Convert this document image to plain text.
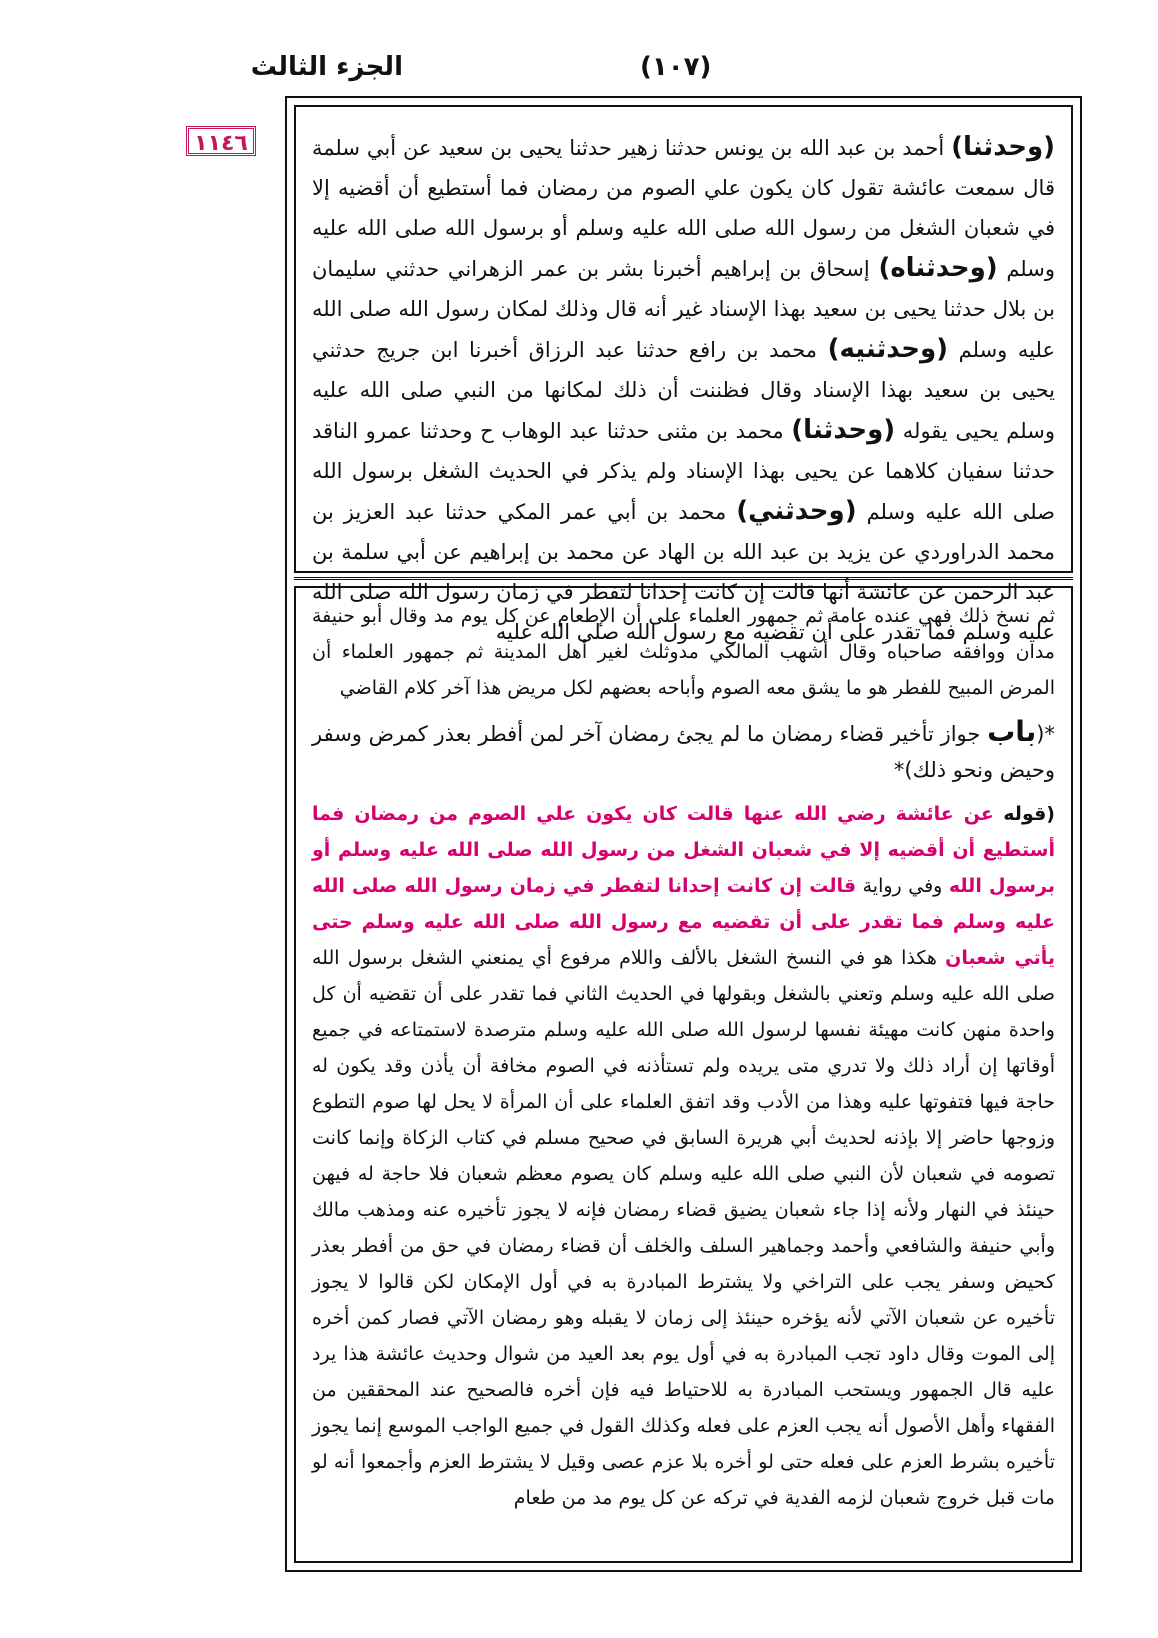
الجزء الثالث	(١٠٧)
١١٤٦	(وحدثنا) أحمد بن عبد الله بن يونس حدثنا زهير حدثنا يحيى بن سعيد عن أبي سلمة قال سمعت عائشة تقول كان يكون علي الصوم من رمضان فما أستطيع أن أقضيه إلا في شعبان الشغل من رسول الله صلى الله عليه وسلم أو برسول الله صلى الله عليه وسلم (وحدثناه) إسحاق بن إبراهيم أخبرنا بشر بن عمر الزهراني حدثني سليمان بن بلال حدثنا يحيى بن سعيد بهذا الإسناد غير أنه قال وذلك لمكان رسول الله صلى الله عليه وسلم (وحدثنيه) محمد بن رافع حدثنا عبد الرزاق أخبرنا ابن جريج حدثني يحيى بن سعيد بهذا الإسناد وقال فظننت أن ذلك لمكانها من النبي صلى الله عليه وسلم يحيى يقوله (وحدثنا) محمد بن مثنى حدثنا عبد الوهاب ح وحدثنا عمرو الناقد حدثنا سفيان كلاهما عن يحيى بهذا الإسناد ولم يذكر في الحديث الشغل برسول الله صلى الله عليه وسلم (وحدثني) محمد بن أبي عمر المكي حدثنا عبد العزيز بن محمد الدراوردي عن يزيد بن عبد الله بن الهاد عن محمد بن إبراهيم عن أبي سلمة بن عبد الرحمن عن عائشة أنها قالت إن كانت إحدانا لتفطر في زمان رسول الله صلى الله عليه وسلم فما تقدر على أن تقضيه مع رسول الله صلى الله عليه

ثم نسخ ذلك فهي عنده عامة ثم جمهور العلماء على أن الإطعام عن كل يوم مد وقال أبو حنيفة مدان ووافقه صاحباه وقال أشهب المالكي مدوثلث لغير أهل المدينة ثم جمهور العلماء أن المرض المبيح للفطر هو ما يشق معه الصوم وأباحه بعضهم لكل مريض هذا آخر كلام القاضي

*(باب جواز تأخير قضاء رمضان ما لم يجئ رمضان آخر لمن أفطر بعذر كمرض وسفر وحيض ونحو ذلك)*

(قوله عن عائشة رضي الله عنها قالت كان يكون علي الصوم من رمضان فما أستطيع أن أقضيه إلا في شعبان الشغل من رسول الله صلى الله عليه وسلم أو برسول الله وفي رواية قالت إن كانت إحدانا لتفطر في زمان رسول الله صلى الله عليه وسلم فما تقدر على أن تقضيه مع رسول الله صلى الله عليه وسلم حتى يأتي شعبان هكذا هو في النسخ الشغل بالألف واللام مرفوع أي يمنعني الشغل برسول الله صلى الله عليه وسلم وتعني بالشغل وبقولها في الحديث الثاني فما تقدر على أن تقضيه أن كل واحدة منهن كانت مهيئة نفسها لرسول الله صلى الله عليه وسلم مترصدة لاستمتاعه في جميع أوقاتها إن أراد ذلك ولا تدري متى يريده ولم تستأذنه في الصوم مخافة أن يأذن وقد يكون له حاجة فيها فتفوتها عليه وهذا من الأدب وقد اتفق العلماء على أن المرأة لا يحل لها صوم التطوع وزوجها حاضر إلا بإذنه لحديث أبي هريرة السابق في صحيح مسلم في كتاب الزكاة وإنما كانت تصومه في شعبان لأن النبي صلى الله عليه وسلم كان يصوم معظم شعبان فلا حاجة له فيهن حينئذ في النهار ولأنه إذا جاء شعبان يضيق قضاء رمضان فإنه لا يجوز تأخيره عنه ومذهب مالك وأبي حنيفة والشافعي وأحمد وجماهير السلف والخلف أن قضاء رمضان في حق من أفطر بعذر كحيض وسفر يجب على التراخي ولا يشترط المبادرة به في أول الإمكان لكن قالوا لا يجوز تأخيره عن شعبان الآتي لأنه يؤخره حينئذ إلى زمان لا يقبله وهو رمضان الآتي فصار كمن أخره إلى الموت وقال داود تجب المبادرة به في أول يوم بعد العيد من شوال وحديث عائشة هذا يرد عليه قال الجمهور ويستحب المبادرة به للاحتياط فيه فإن أخره فالصحيح عند المحققين من الفقهاء وأهل الأصول أنه يجب العزم على فعله وكذلك القول في جميع الواجب الموسع إنما يجوز تأخيره بشرط العزم على فعله حتى لو أخره بلا عزم عصى وقيل لا يشترط العزم وأجمعوا أنه لو مات قبل خروج شعبان لزمه الفدية في تركه عن كل يوم مد من طعام
